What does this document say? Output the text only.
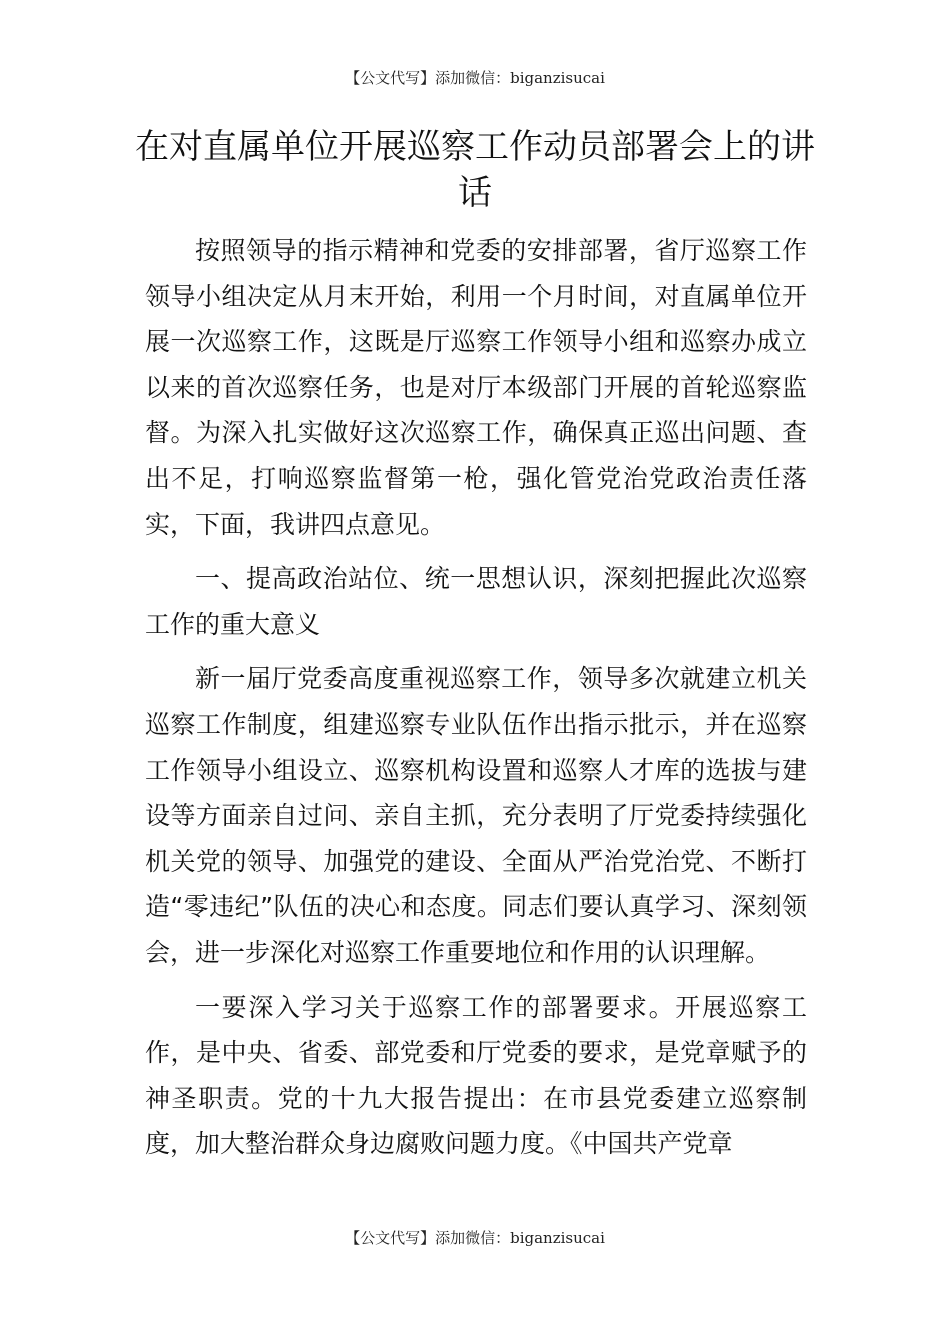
【公文代写】添加微信：biganzisucai
在对直属单位开展巡察工作动员部署会上的讲话

按照领导的指示精神和党委的安排部署，省厅巡察工作领导小组决定从月末开始，利用一个月时间，对直属单位开展一次巡察工作，这既是厅巡察工作领导小组和巡察办成立以来的首次巡察任务，也是对厅本级部门开展的首轮巡察监督。为深入扎实做好这次巡察工作，确保真正巡出问题、查出不足，打响巡察监督第一枪，强化管党治党政治责任落实，下面，我讲四点意见。

一、提高政治站位、统一思想认识，深刻把握此次巡察工作的重大意义

新一届厅党委高度重视巡察工作，领导多次就建立机关巡察工作制度，组建巡察专业队伍作出指示批示，并在巡察工作领导小组设立、巡察机构设置和巡察人才库的选拔与建设等方面亲自过问、亲自主抓，充分表明了厅党委持续强化机关党的领导、加强党的建设、全面从严治党治党、不断打造“零违纪”队伍的决心和态度。同志们要认真学习、深刻领会，进一步深化对巡察工作重要地位和作用的认识理解。

一要深入学习关于巡察工作的部署要求。开展巡察工作，是中央、省委、部党委和厅党委的要求，是党章赋予的神圣职责。党的十九大报告提出：在市县党委建立巡察制度，加大整治群众身边腐败问题力度。《中国共产党章

【公文代写】添加微信：biganzisucai
